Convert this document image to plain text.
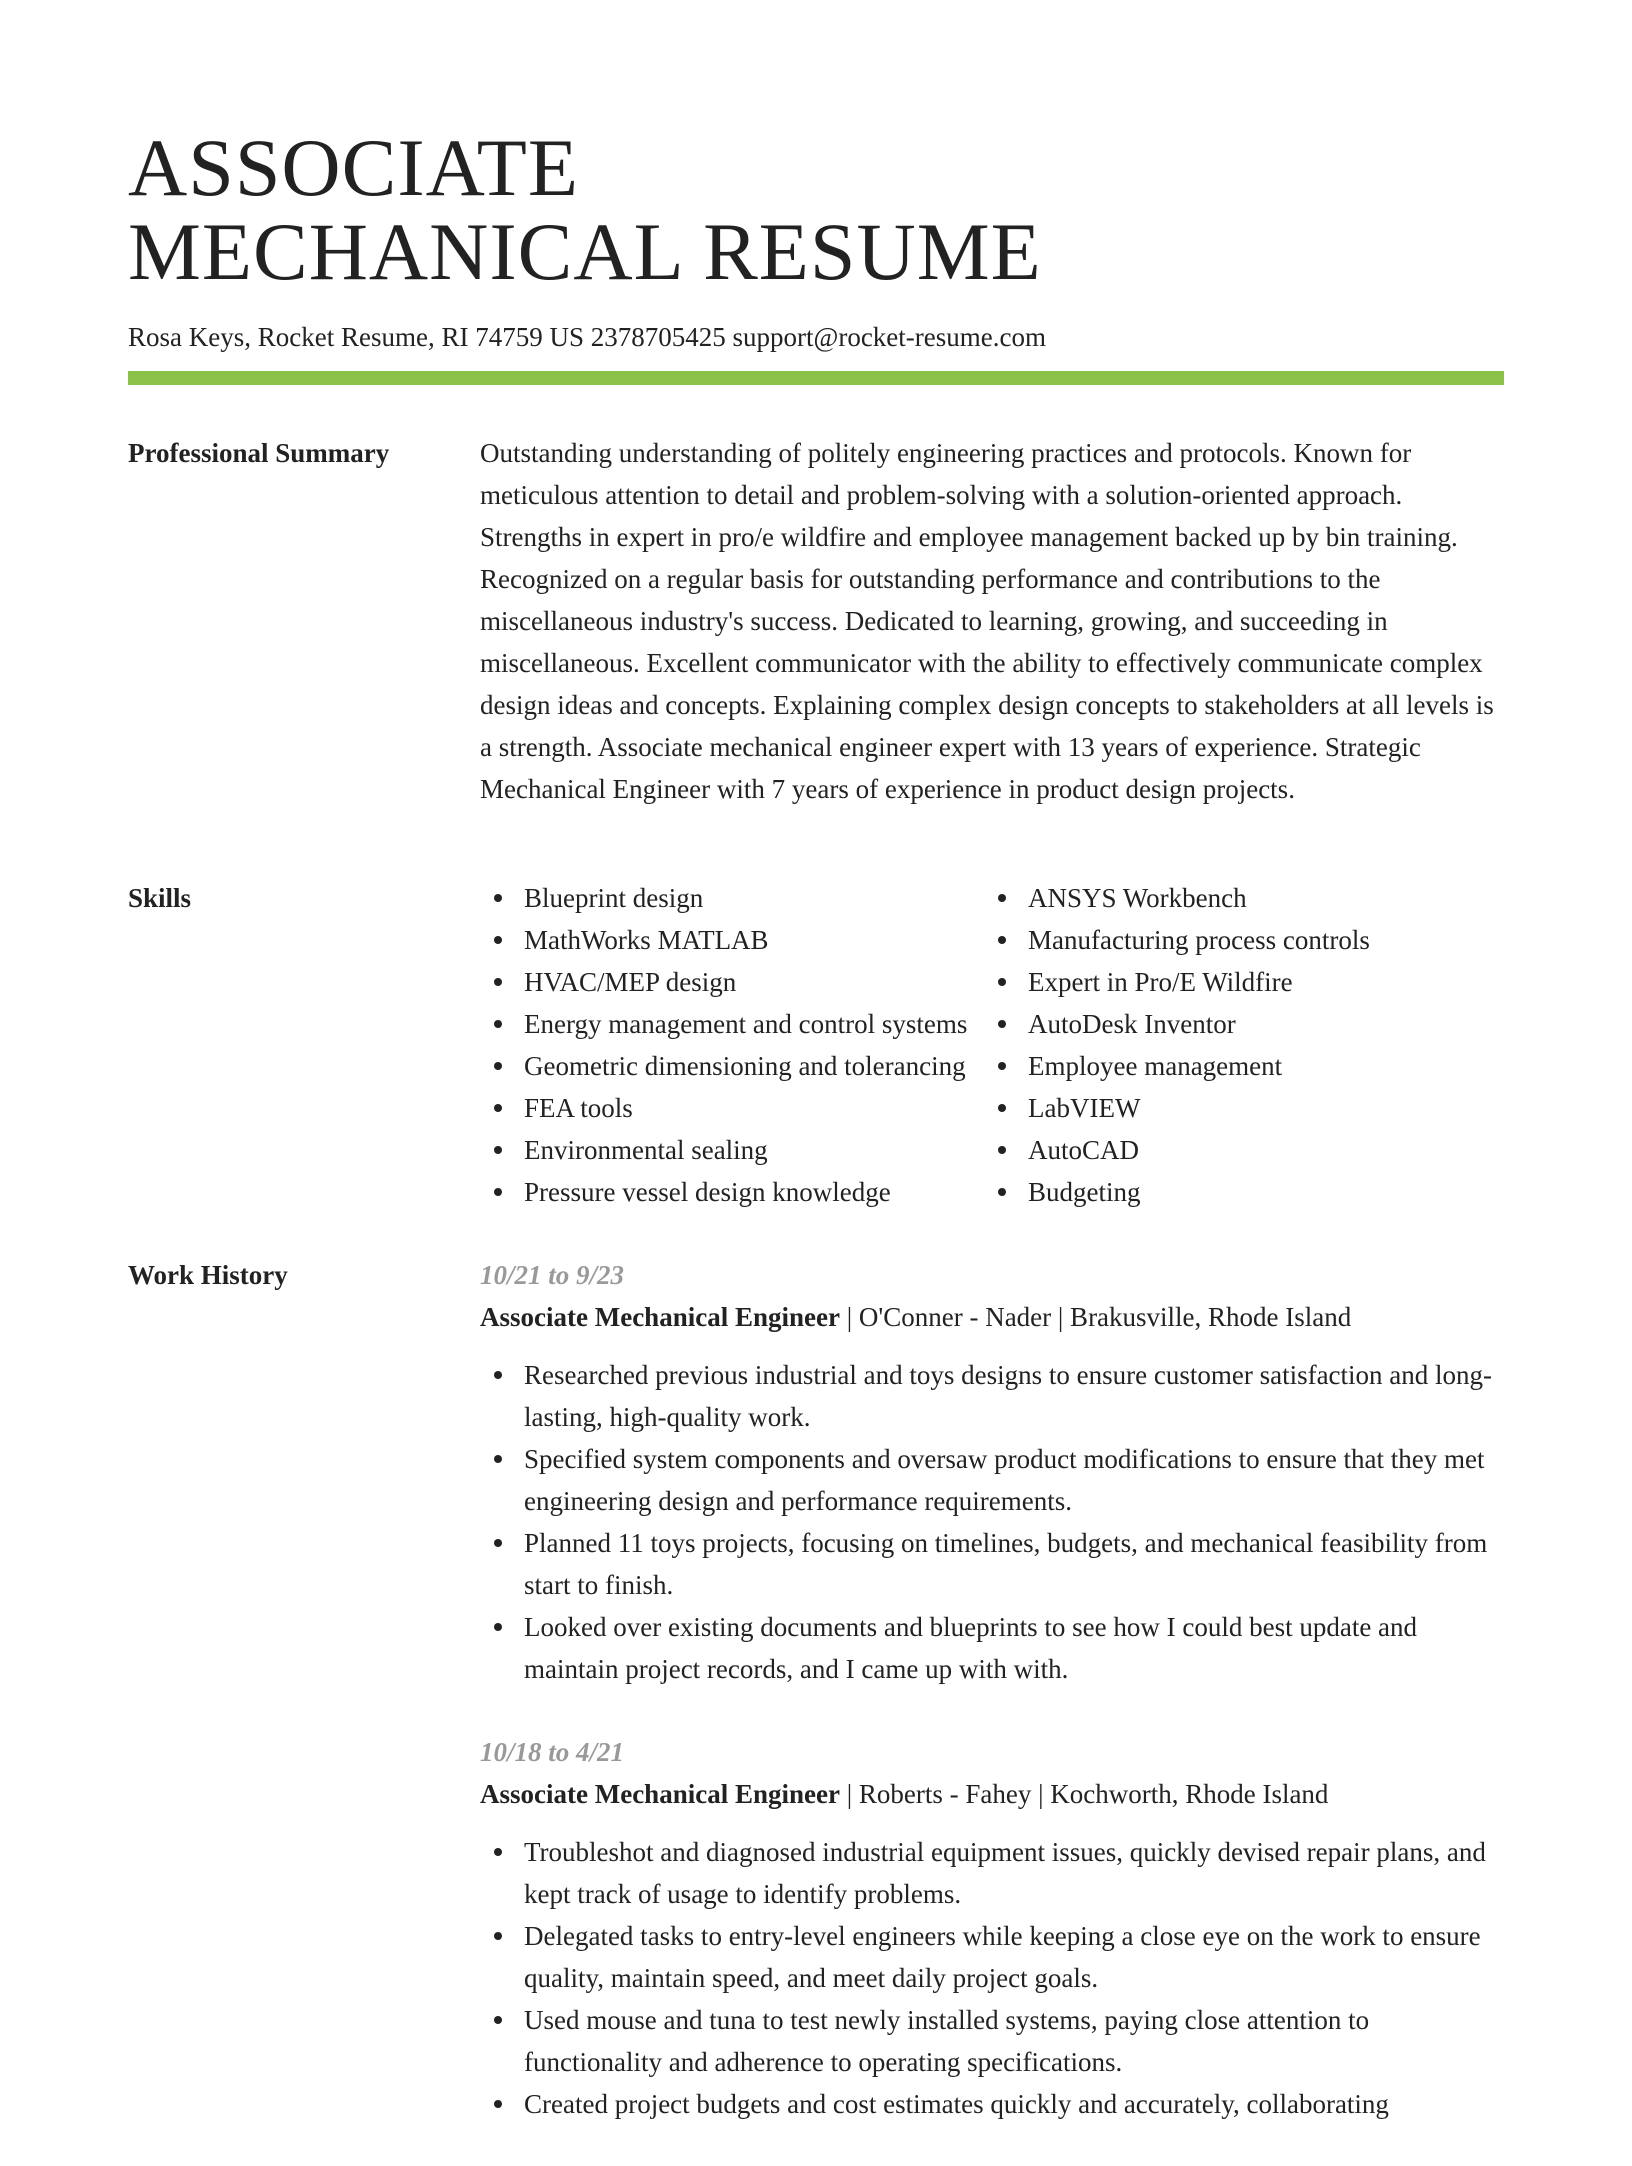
ASSOCIATE
MECHANICAL RESUME
Rosa Keys, Rocket Resume, RI 74759 US 2378705425 support@rocket-resume.com
Professional Summary	Outstanding understanding of politely engineering practices and protocols. Known for meticulous attention to detail and problem-solving with a solution-oriented approach. Strengths in expert in pro/e wildfire and employee management backed up by bin training. Recognized on a regular basis for outstanding performance and contributions to the miscellaneous industry's success. Dedicated to learning, growing, and succeeding in miscellaneous. Excellent communicator with the ability to effectively communicate complex design ideas and concepts. Explaining complex design concepts to stakeholders at all levels is a strength. Associate mechanical engineer expert with 13 years of experience. Strategic Mechanical Engineer with 7 years of experience in product design projects.

Skills	Blueprint design
MathWorks MATLAB
HVAC/MEP design
Energy management and control systems
Geometric dimensioning and tolerancing
FEA tools
Environmental sealing
Pressure vessel design knowledge
ANSYS Workbench
Manufacturing process controls
Expert in Pro/E Wildfire
AutoDesk Inventor
Employee management
LabVIEW
AutoCAD
Budgeting
Work History	10/21 to 9/23
Associate Mechanical Engineer | O'Conner - Nader | Brakusville, Rhode Island
Researched previous industrial and toys designs to ensure customer satisfaction and long-lasting, high-quality work.
Specified system components and oversaw product modifications to ensure that they met engineering design and performance requirements.
Planned 11 toys projects, focusing on timelines, budgets, and mechanical feasibility from start to finish.
Looked over existing documents and blueprints to see how I could best update and maintain project records, and I came up with with.
10/18 to 4/21
Associate Mechanical Engineer | Roberts - Fahey | Kochworth, Rhode Island
Troubleshot and diagnosed industrial equipment issues, quickly devised repair plans, and kept track of usage to identify problems.
Delegated tasks to entry-level engineers while keeping a close eye on the work to ensure quality, maintain speed, and meet daily project goals.
Used mouse and tuna to test newly installed systems, paying close attention to functionality and adherence to operating specifications.
Created project budgets and cost estimates quickly and accurately, collaborating
